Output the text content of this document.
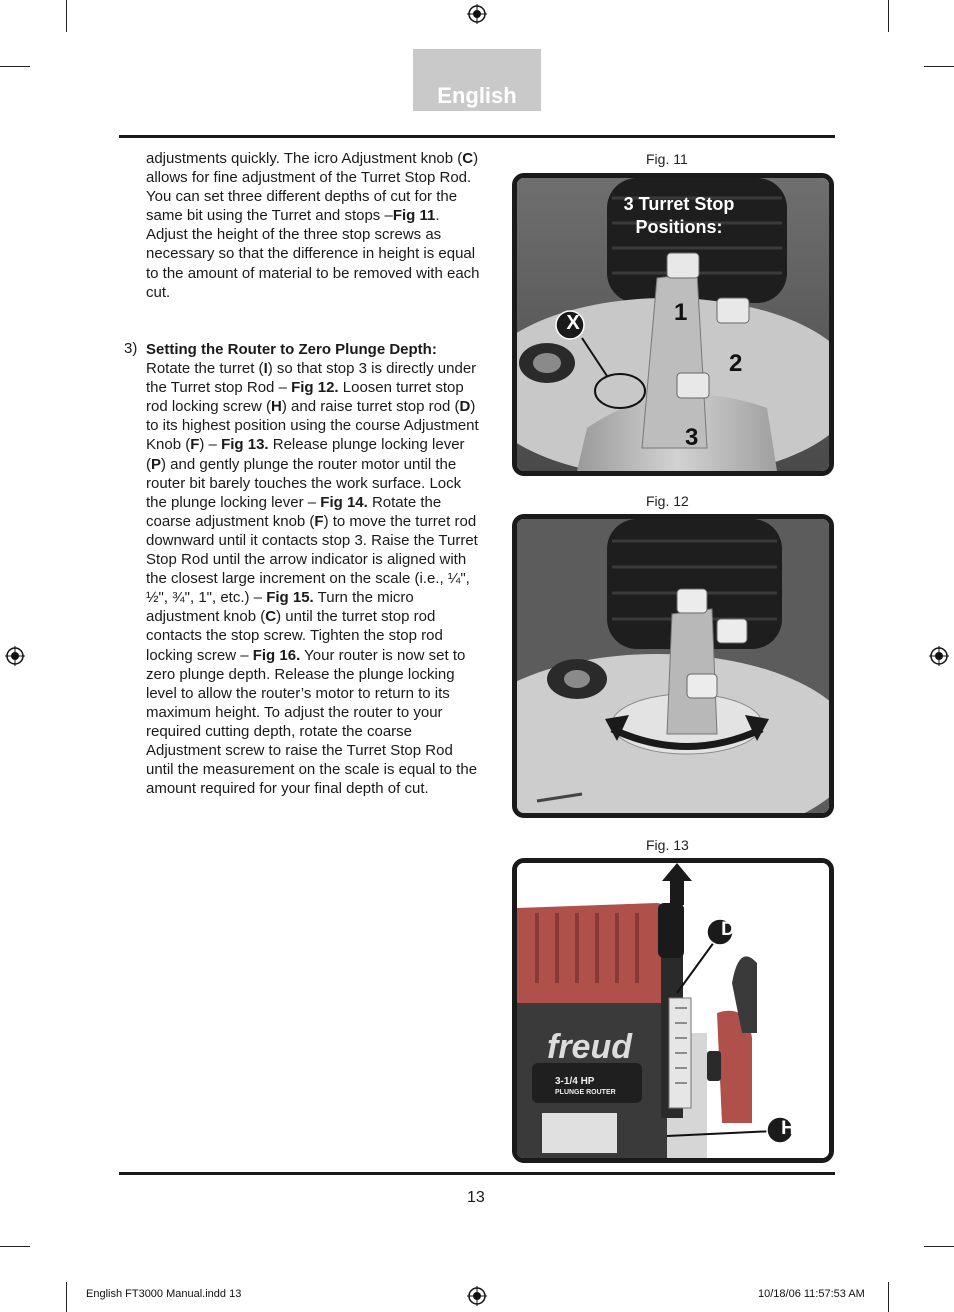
English

adjustments quickly. The icro Adjustment knob (C) allows for fine adjustment of the Turret Stop Rod. You can set three different depths of cut for the same bit using the Turret and stops –Fig 11. Adjust the height of the three stop screws as necessary so that the difference in height is equal to the amount of material to be removed with each cut.

3) Setting the Router to Zero Plunge Depth: Rotate the turret (I) so that stop 3 is directly under the Turret stop Rod – Fig 12. Loosen turret stop rod locking screw (H) and raise turret stop rod (D) to its highest position using the course Adjustment Knob (F) – Fig 13. Release plunge locking lever (P) and gently plunge the router motor until the router bit barely touches the work surface. Lock the plunge locking lever – Fig 14. Rotate the coarse adjustment knob (F) to move the turret rod downward until it contacts stop 3. Raise the Turret Stop Rod until the arrow indicator is aligned with the closest large increment on the scale (i.e., ¼", ½", ¾", 1", etc.) – Fig 15. Turn the micro adjustment knob (C) until the turret stop rod contacts the stop screw. Tighten the stop rod locking screw – Fig 16. Your router is now set to zero plunge depth. Release the plunge locking level to allow the router’s motor to return to its maximum height. To adjust the router to your required cutting depth, rotate the coarse Adjustment screw to raise the Turret Stop Rod until the measurement on the scale is equal to the amount required for your final depth of cut.

Fig. 11
X
3 Turret Stop
Positions:
1
2
3
Fig. 12
Fig. 13
D
H
freud
3-1/4 HP
PLUNGE ROUTER
13
English FT3000 Manual.indd 13	10/18/06 11:57:53 AM
